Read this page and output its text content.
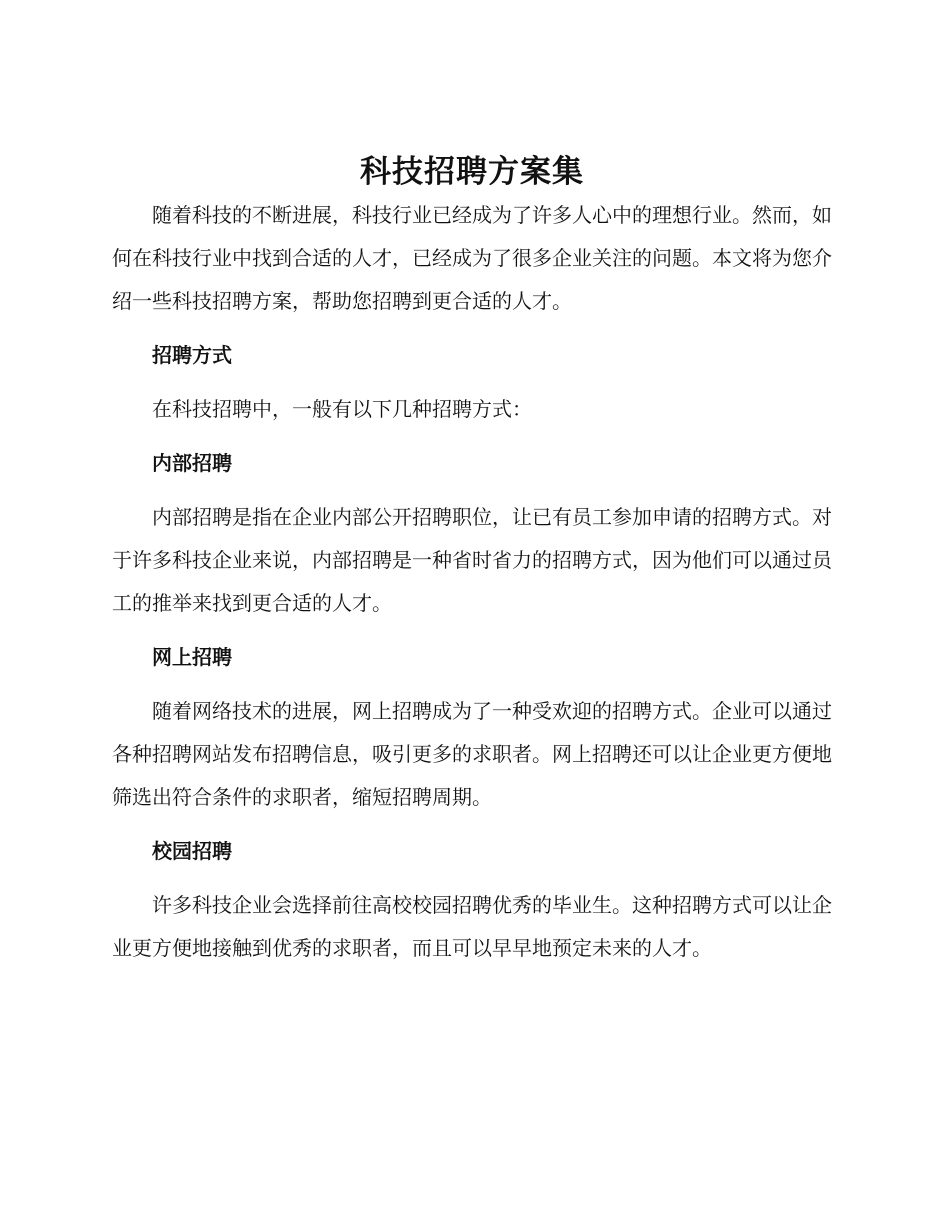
科技招聘方案集

随着科技的不断进展，科技行业已经成为了许多人心中的理想行业。然而，如何在科技行业中找到合适的人才，已经成为了很多企业关注的问题。本文将为您介绍一些科技招聘方案，帮助您招聘到更合适的人才。

招聘方式

在科技招聘中，一般有以下几种招聘方式：

内部招聘

内部招聘是指在企业内部公开招聘职位，让已有员工参加申请的招聘方式。对于许多科技企业来说，内部招聘是一种省时省力的招聘方式，因为他们可以通过员工的推举来找到更合适的人才。

网上招聘

随着网络技术的进展，网上招聘成为了一种受欢迎的招聘方式。企业可以通过各种招聘网站发布招聘信息，吸引更多的求职者。网上招聘还可以让企业更方便地筛选出符合条件的求职者，缩短招聘周期。

校园招聘

许多科技企业会选择前往高校校园招聘优秀的毕业生。这种招聘方式可以让企业更方便地接触到优秀的求职者，而且可以早早地预定未来的人才。
